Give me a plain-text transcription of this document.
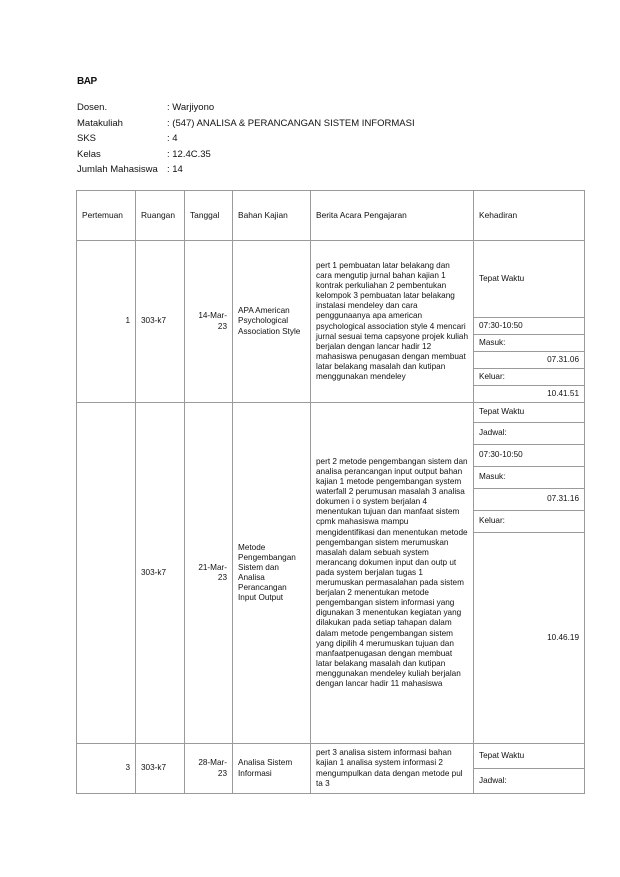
BAP
Dosen.	: Warjiyono
Matakuliah	: (547) ANALISA & PERANCANGAN SISTEM INFORMASI
SKS	: 4
Kelas	: 12.4C.35
Jumlah Mahasiswa : 14
Pertemuan	Ruangan	Tanggal	Bahan Kajian	Berita Acara Pengajaran	Kehadiran
1	303-k7	14-Mar-23	APA American Psychological Association Style	pert 1 pembuatan latar belakang dan cara mengutip jurnal bahan kajian 1 kontrak perkuliahan 2 pembentukan kelompok 3 pembuatan latar belakang instalasi mendeley dan cara penggunaanya apa american psychological association style 4 mencari jurnal sesuai tema capsyone projek kuliah berjalan dengan lancar hadir 12 mahasiswa penugasan dengan membuat latar belakang masalah dan kutipan menggunakan mendeley	Tepat Waktu
					07:30-10:50
					Masuk:
					07.31.06
					Keluar:
					10.41.51
	303-k7	21-Mar-23	Metode Pengembangan Sistem dan Analisa Perancangan Input Output	pert 2 metode pengembangan sistem dan analisa perancangan input output bahan kajian 1 metode pengembangan system waterfall 2 perumusan masalah 3 analisa dokumen i o system berjalan 4 menentukan tujuan dan manfaat sistem cpmk mahasiswa mampu mengidentifikasi dan menentukan metode pengembangan sistem merumuskan masalah dalam sebuah system merancang dokumen input dan outp ut pada system berjalan tugas 1 merumuskan permasalahan pada sistem berjalan 2 menentukan metode pengembangan sistem informasi yang digunakan 3 menentukan kegiatan yang dilakukan pada setiap tahapan dalam dalam metode pengembangan sistem yang dipilih 4 merumuskan tujuan dan manfaatpenugasan dengan membuat latar belakang masalah dan kutipan menggunakan mendeley kuliah berjalan dengan lancar hadir 11 mahasiswa	Tepat Waktu
					Jadwal:
					07:30-10:50
					Masuk:
					07.31.16
					Keluar:
					10.46.19
3	303-k7	28-Mar-23	Analisa Sistem Informasi	pert 3 analisa sistem informasi bahan kajian 1 analisa system informasi 2 mengumpulkan data dengan metode pul ta 3	Tepat Waktu
					Jadwal:
